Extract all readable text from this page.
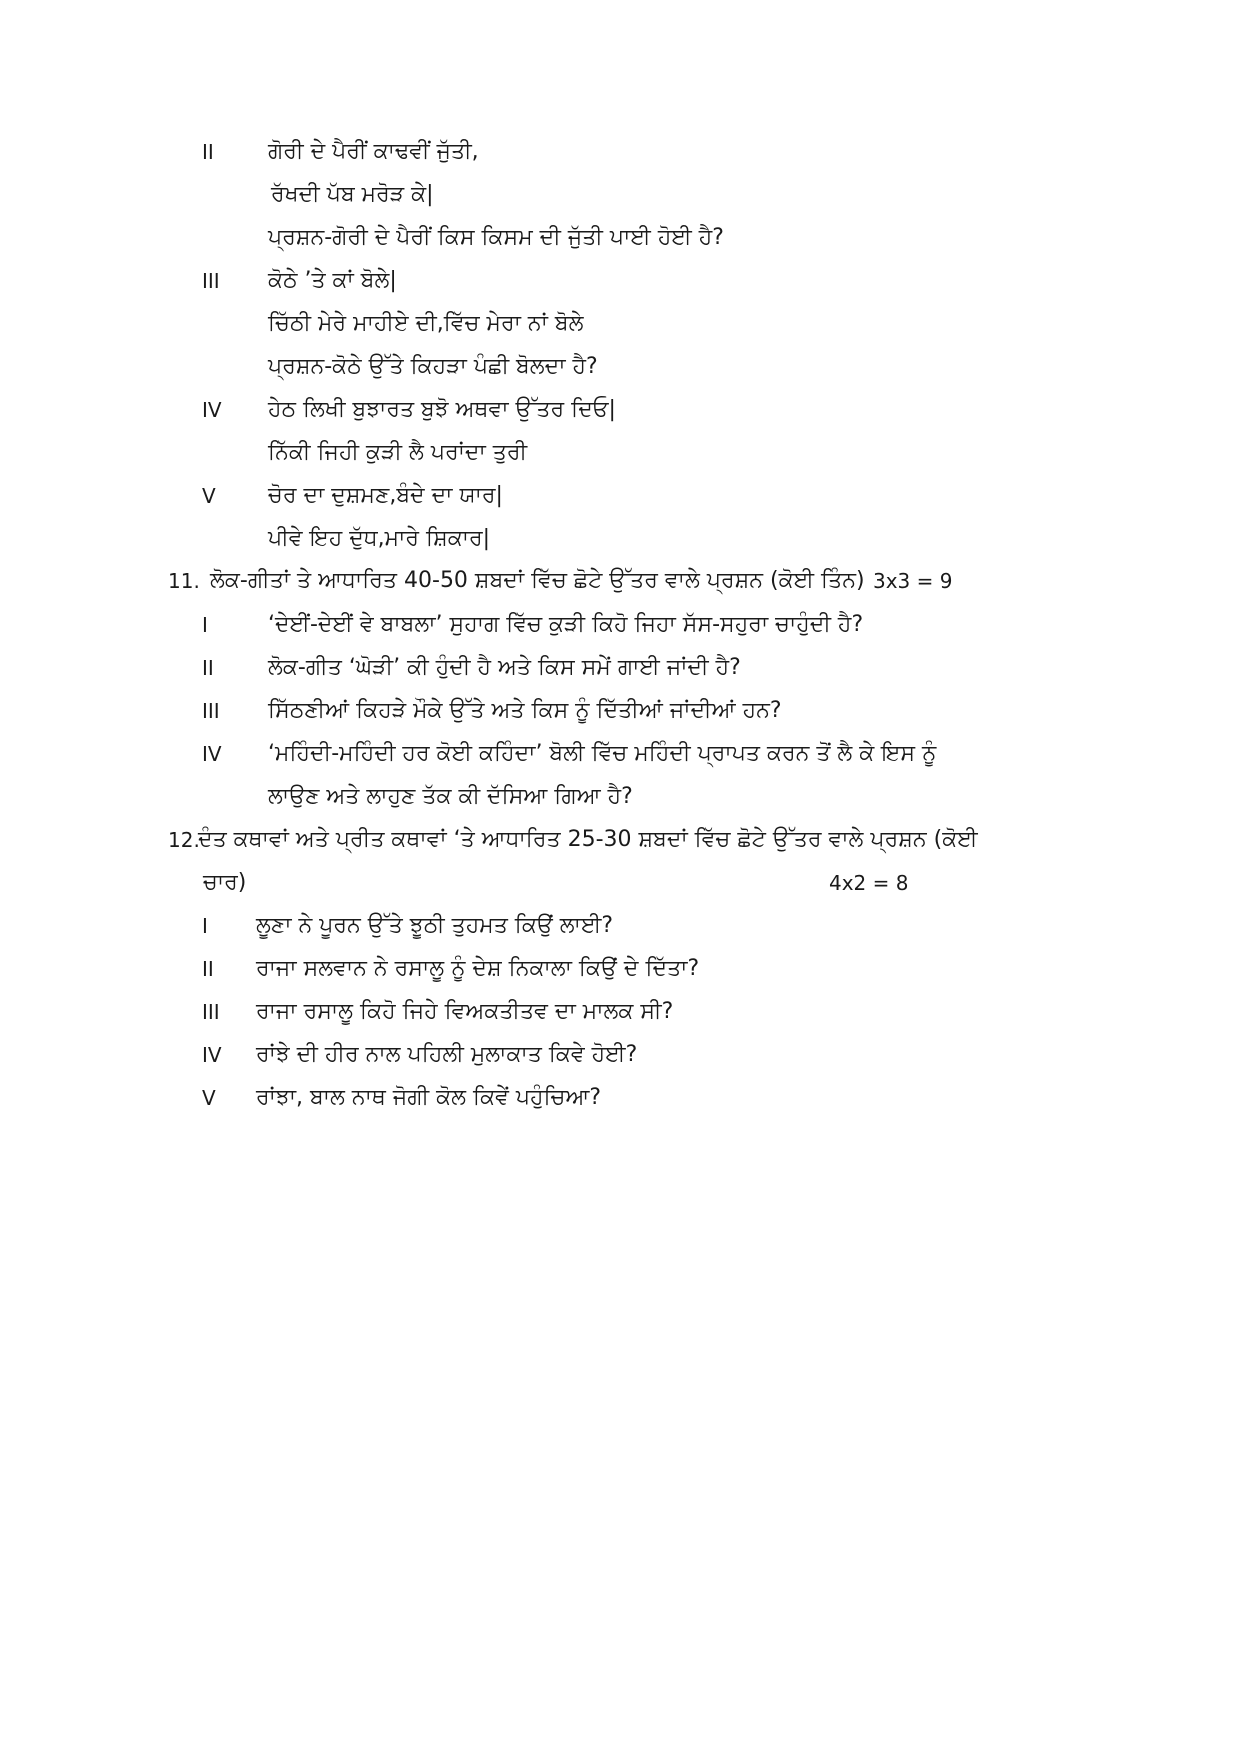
II ਗੋਰੀ ਦੇ ਪੈਰੀਂ ਕਾਢਵੀਂ ਜੁੱਤੀ,
ਰੱਖਦੀ ਪੱਬ ਮਰੋੜ ਕੇ|
ਪ੍ਰਸ਼ਨ-ਗੋਰੀ ਦੇ ਪੈਰੀਂ ਕਿਸ ਕਿਸਮ ਦੀ ਜੁੱਤੀ ਪਾਈ ਹੋਈ ਹੈ?
III ਕੋਠੇ ’ਤੇ ਕਾਂ ਬੋਲੇ|
ਚਿੱਠੀ ਮੇਰੇ ਮਾਹੀਏ ਦੀ,ਵਿੱਚ ਮੇਰਾ ਨਾਂ ਬੋਲੇ
ਪ੍ਰਸ਼ਨ-ਕੋਠੇ ਉੱਤੇ ਕਿਹੜਾ ਪੰਛੀ ਬੋਲਦਾ ਹੈ?
IV ਹੇਠ ਲਿਖੀ ਬੁਝਾਰਤ ਬੁਝੋ ਅਥਵਾ ਉੱਤਰ ਦਿਓ|
ਨਿੱਕੀ ਜਿਹੀ ਕੁੜੀ ਲੈ ਪਰਾਂਦਾ ਤੁਰੀ
V ਚੋਰ ਦਾ ਦੁਸ਼ਮਣ,ਬੰਦੇ ਦਾ ਯਾਰ|
ਪੀਵੇ ਇਹ ਦੁੱਧ,ਮਾਰੇ ਸ਼ਿਕਾਰ|
11. ਲੋਕ-ਗੀਤਾਂ ਤੇ ਆਧਾਰਿਤ 40-50 ਸ਼ਬਦਾਂ ਵਿੱਚ ਛੋਟੇ ਉੱਤਰ ਵਾਲੇ ਪ੍ਰਸ਼ਨ (ਕੋਈ ਤਿੰਨ) 3x3 = 9
I	‘ਦੇਈਂ-ਦੇਈਂ ਵੇ ਬਾਬਲਾ’ ਸੁਹਾਗ ਵਿੱਚ ਕੁੜੀ ਕਿਹੋ ਜਿਹਾ ਸੱਸ-ਸਹੁਰਾ ਚਾਹੁੰਦੀ ਹੈ?
II ਲੋਕ-ਗੀਤ ‘ਘੋੜੀ’ ਕੀ ਹੁੰਦੀ ਹੈ ਅਤੇ ਕਿਸ ਸਮੇਂ ਗਾਈ ਜਾਂਦੀ ਹੈ?
III ਸਿੱਠਣੀਆਂ ਕਿਹੜੇ ਮੌਕੇ ਉੱਤੇ ਅਤੇ ਕਿਸ ਨੂੰ ਦਿੱਤੀਆਂ ਜਾਂਦੀਆਂ ਹਨ?
IV ‘ਮਹਿੰਦੀ-ਮਹਿੰਦੀ ਹਰ ਕੋਈ ਕਹਿੰਦਾ’ ਬੋਲੀ ਵਿੱਚ ਮਹਿੰਦੀ ਪ੍ਰਾਪਤ ਕਰਨ ਤੋਂ ਲੈ ਕੇ ਇਸ ਨੂੰ
ਲਾਉਣ ਅਤੇ ਲਾਹੁਣ ਤੱਕ ਕੀ ਦੱਸਿਆ ਗਿਆ ਹੈ?
12.
ਦੰਤ ਕਥਾਵਾਂ ਅਤੇ ਪ੍ਰੀਤ ਕਥਾਵਾਂ ‘ਤੇ ਆਧਾਰਿਤ 25-30 ਸ਼ਬਦਾਂ ਵਿੱਚ ਛੋਟੇ ਉੱਤਰ ਵਾਲੇ ਪ੍ਰਸ਼ਨ (ਕੋਈ
ਚਾਰ)	4x2 = 8
I ਲੂਣਾ ਨੇ ਪੂਰਨ ਉੱਤੇ ਝੂਠੀ ਤੁਹਮਤ ਕਿਉਂ ਲਾਈ?
II ਰਾਜਾ ਸਲਵਾਨ ਨੇ ਰਸਾਲੂ ਨੂੰ ਦੇਸ਼ ਨਿਕਾਲਾ ਕਿਉਂ ਦੇ ਦਿੱਤਾ?
III ਰਾਜਾ ਰਸਾਲੂ ਕਿਹੋ ਜਿਹੇ ਵਿਅਕਤੀਤਵ ਦਾ ਮਾਲਕ ਸੀ?
IV ਰਾਂਝੇ ਦੀ ਹੀਰ ਨਾਲ ਪਹਿਲੀ ਮੁਲਾਕਾਤ ਕਿਵੇ ਹੋਈ?
V ਰਾਂਝਾ, ਬਾਲ ਨਾਥ ਜੋਗੀ ਕੋਲ ਕਿਵੇਂ ਪਹੁੰਚਿਆ?
